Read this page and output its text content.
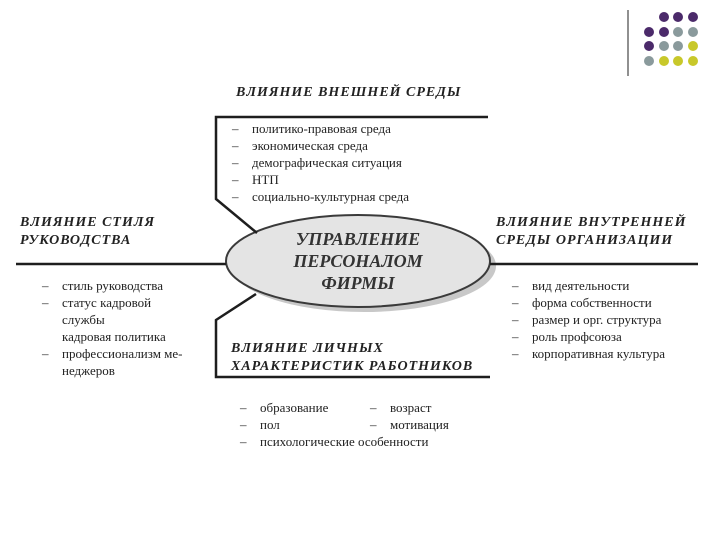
УПРАВЛЕНИЕ
ПЕРСОНАЛОМ
ФИРМЫ
ВЛИЯНИЕ ВНЕШНЕЙ СРЕДЫ
– политико-правовая среда
– экономическая среда
– демографическая ситуация
– НТП
– социально-культурная среда
ВЛИЯНИЕ СТИЛЯ
РУКОВОДСТВА
– стиль руководства
– статус кадровой
службы
кадровая политика
– профессионализм ме-
неджеров
ВЛИЯНИЕ ВНУТРЕННЕЙ
СРЕДЫ ОРГАНИЗАЦИИ
– вид деятельности
– форма собственности
– размер и орг. структура
– роль профсоюза
– корпоративная культура
ВЛИЯНИЕ ЛИЧНЫХ
ХАРАКТЕРИСТИК РАБОТНИКОВ
– образование
– пол
– психологические особенности
– возраст
– мотивация
